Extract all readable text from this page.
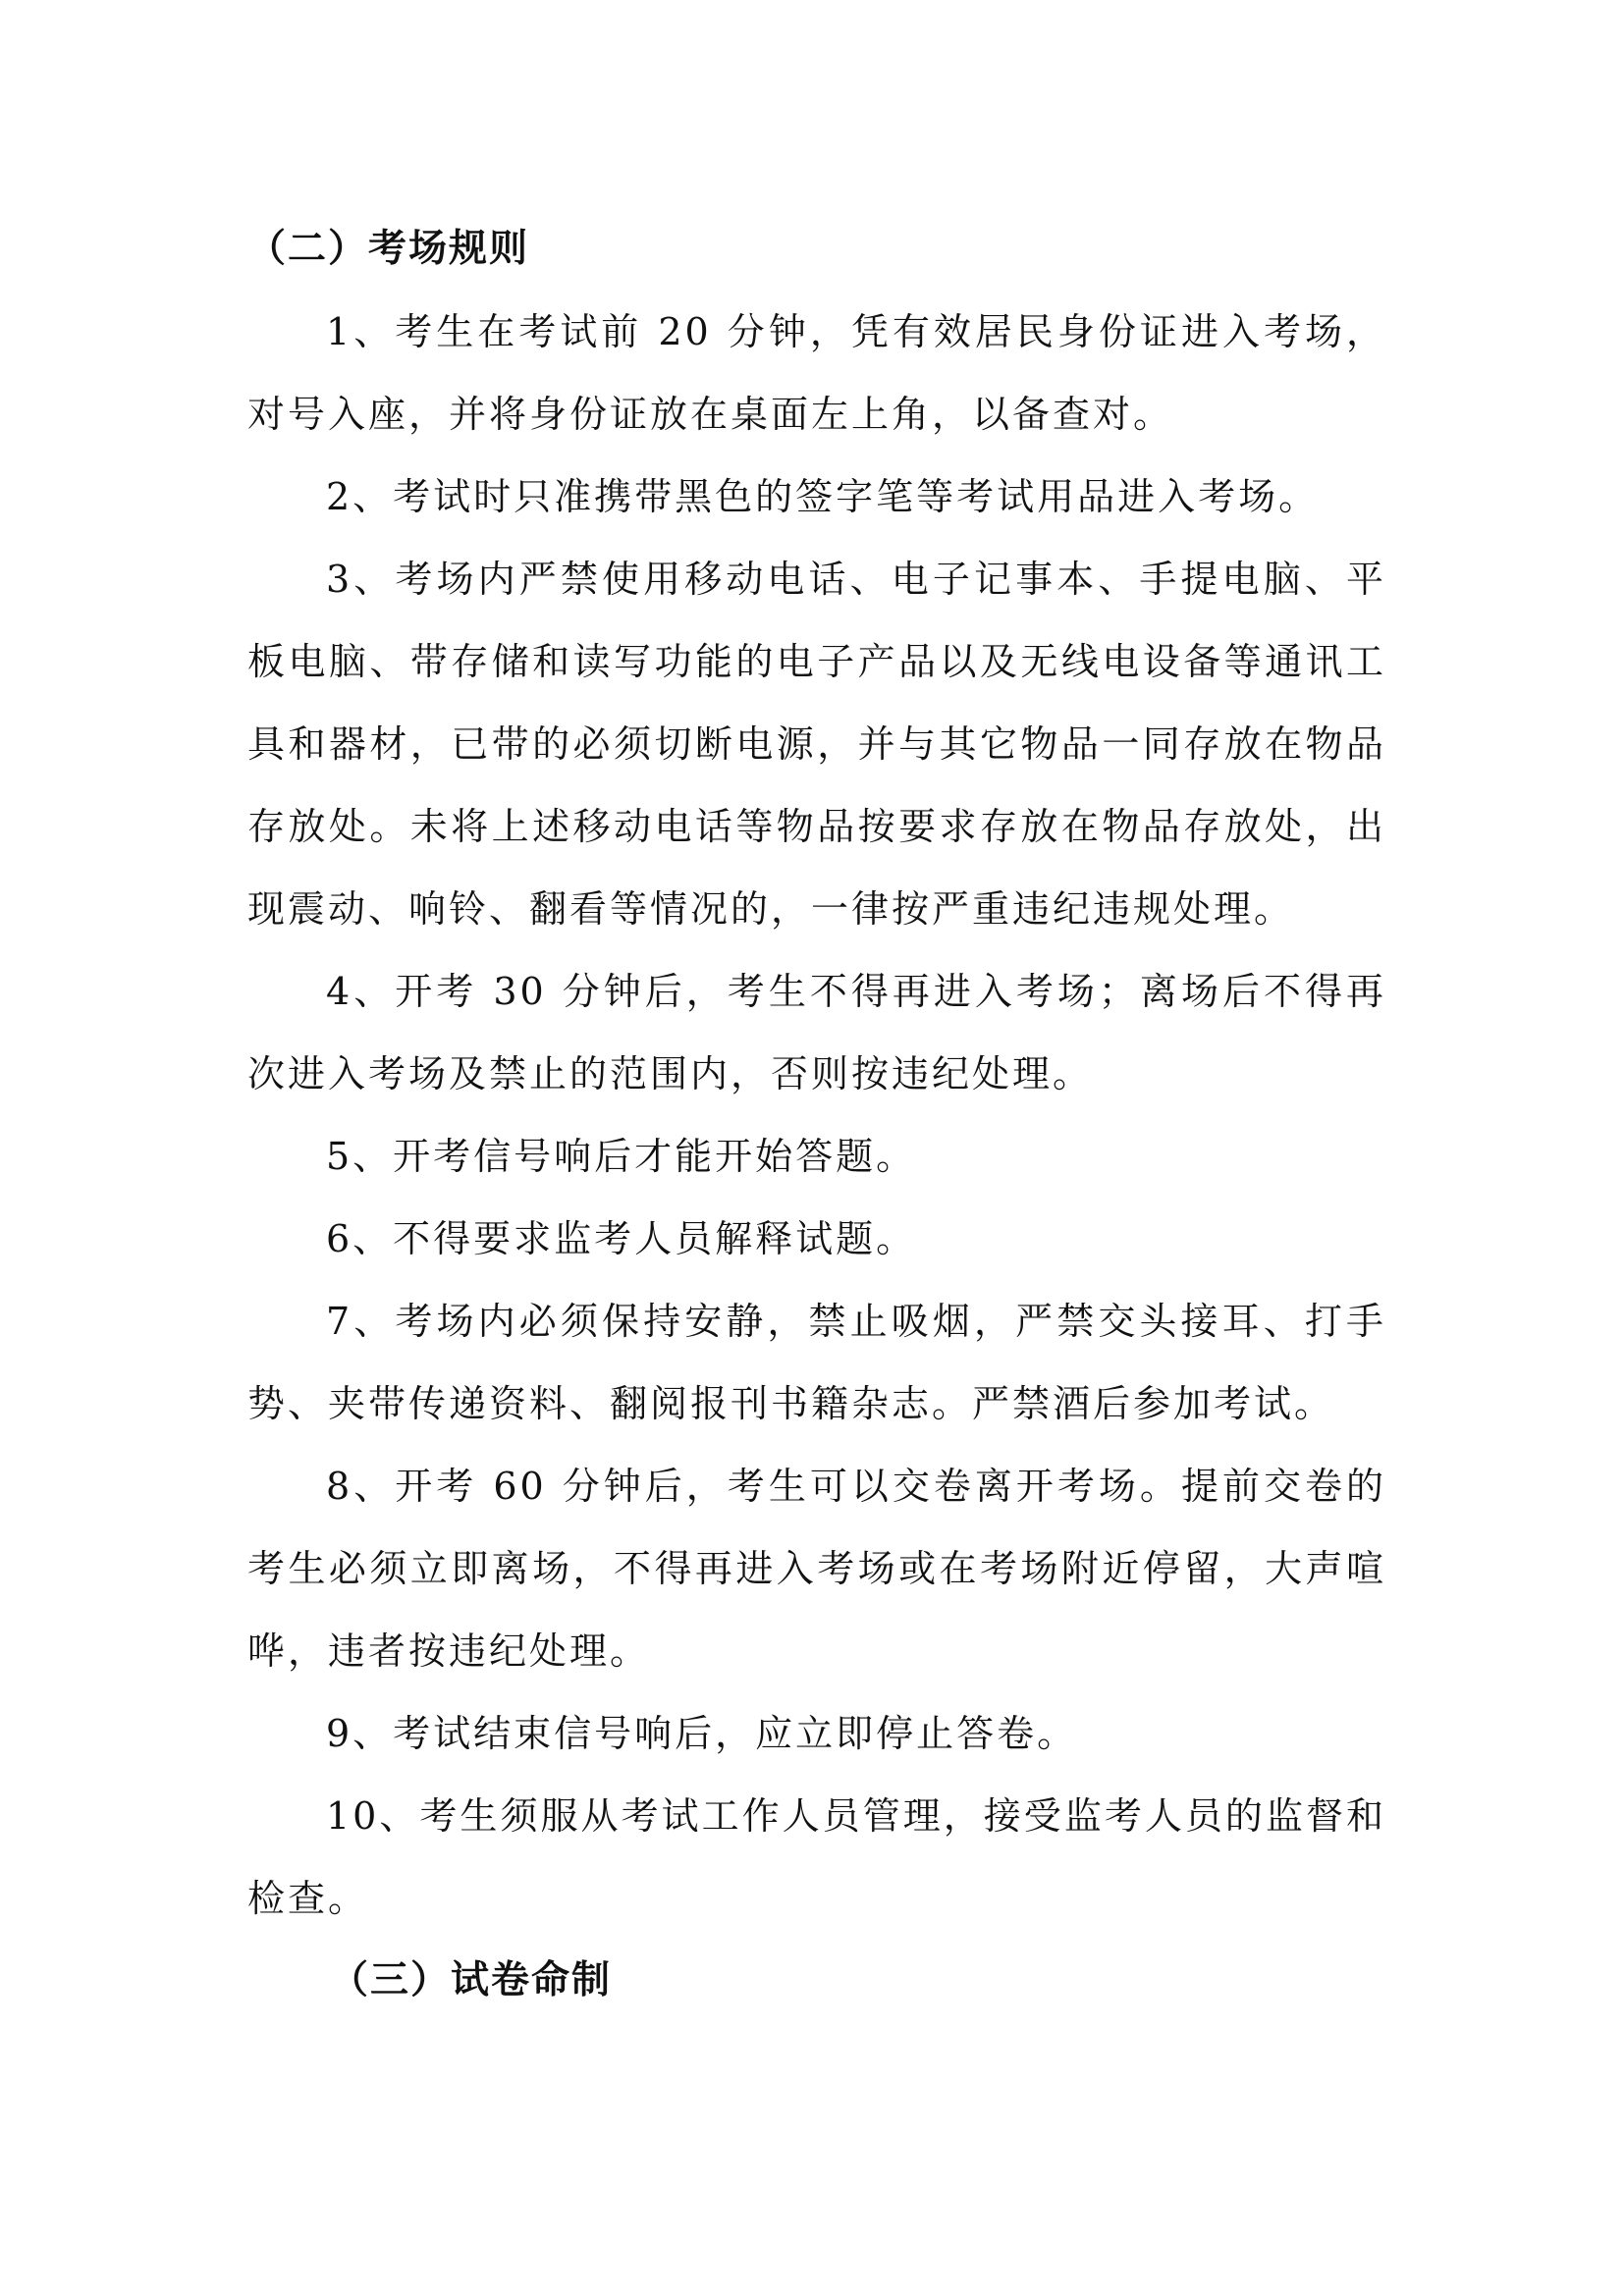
（二）考场规则

1、考生在考试前 20 分钟，凭有效居民身份证进入考场，对号入座，并将身份证放在桌面左上角，以备查对。

2、考试时只准携带黑色的签字笔等考试用品进入考场。

3、考场内严禁使用移动电话、电子记事本、手提电脑、平板电脑、带存储和读写功能的电子产品以及无线电设备等通讯工具和器材，已带的必须切断电源，并与其它物品一同存放在物品存放处。未将上述移动电话等物品按要求存放在物品存放处，出现震动、响铃、翻看等情况的，一律按严重违纪违规处理。

4、开考 30 分钟后，考生不得再进入考场；离场后不得再次进入考场及禁止的范围内，否则按违纪处理。

5、开考信号响后才能开始答题。

6、不得要求监考人员解释试题。

7、考场内必须保持安静，禁止吸烟，严禁交头接耳、打手势、夹带传递资料、翻阅报刊书籍杂志。严禁酒后参加考试。

8、开考 60 分钟后，考生可以交卷离开考场。提前交卷的考生必须立即离场，不得再进入考场或在考场附近停留，大声喧哗，违者按违纪处理。

9、考试结束信号响后，应立即停止答卷。

10、考生须服从考试工作人员管理，接受监考人员的监督和检查。

（三）试卷命制
